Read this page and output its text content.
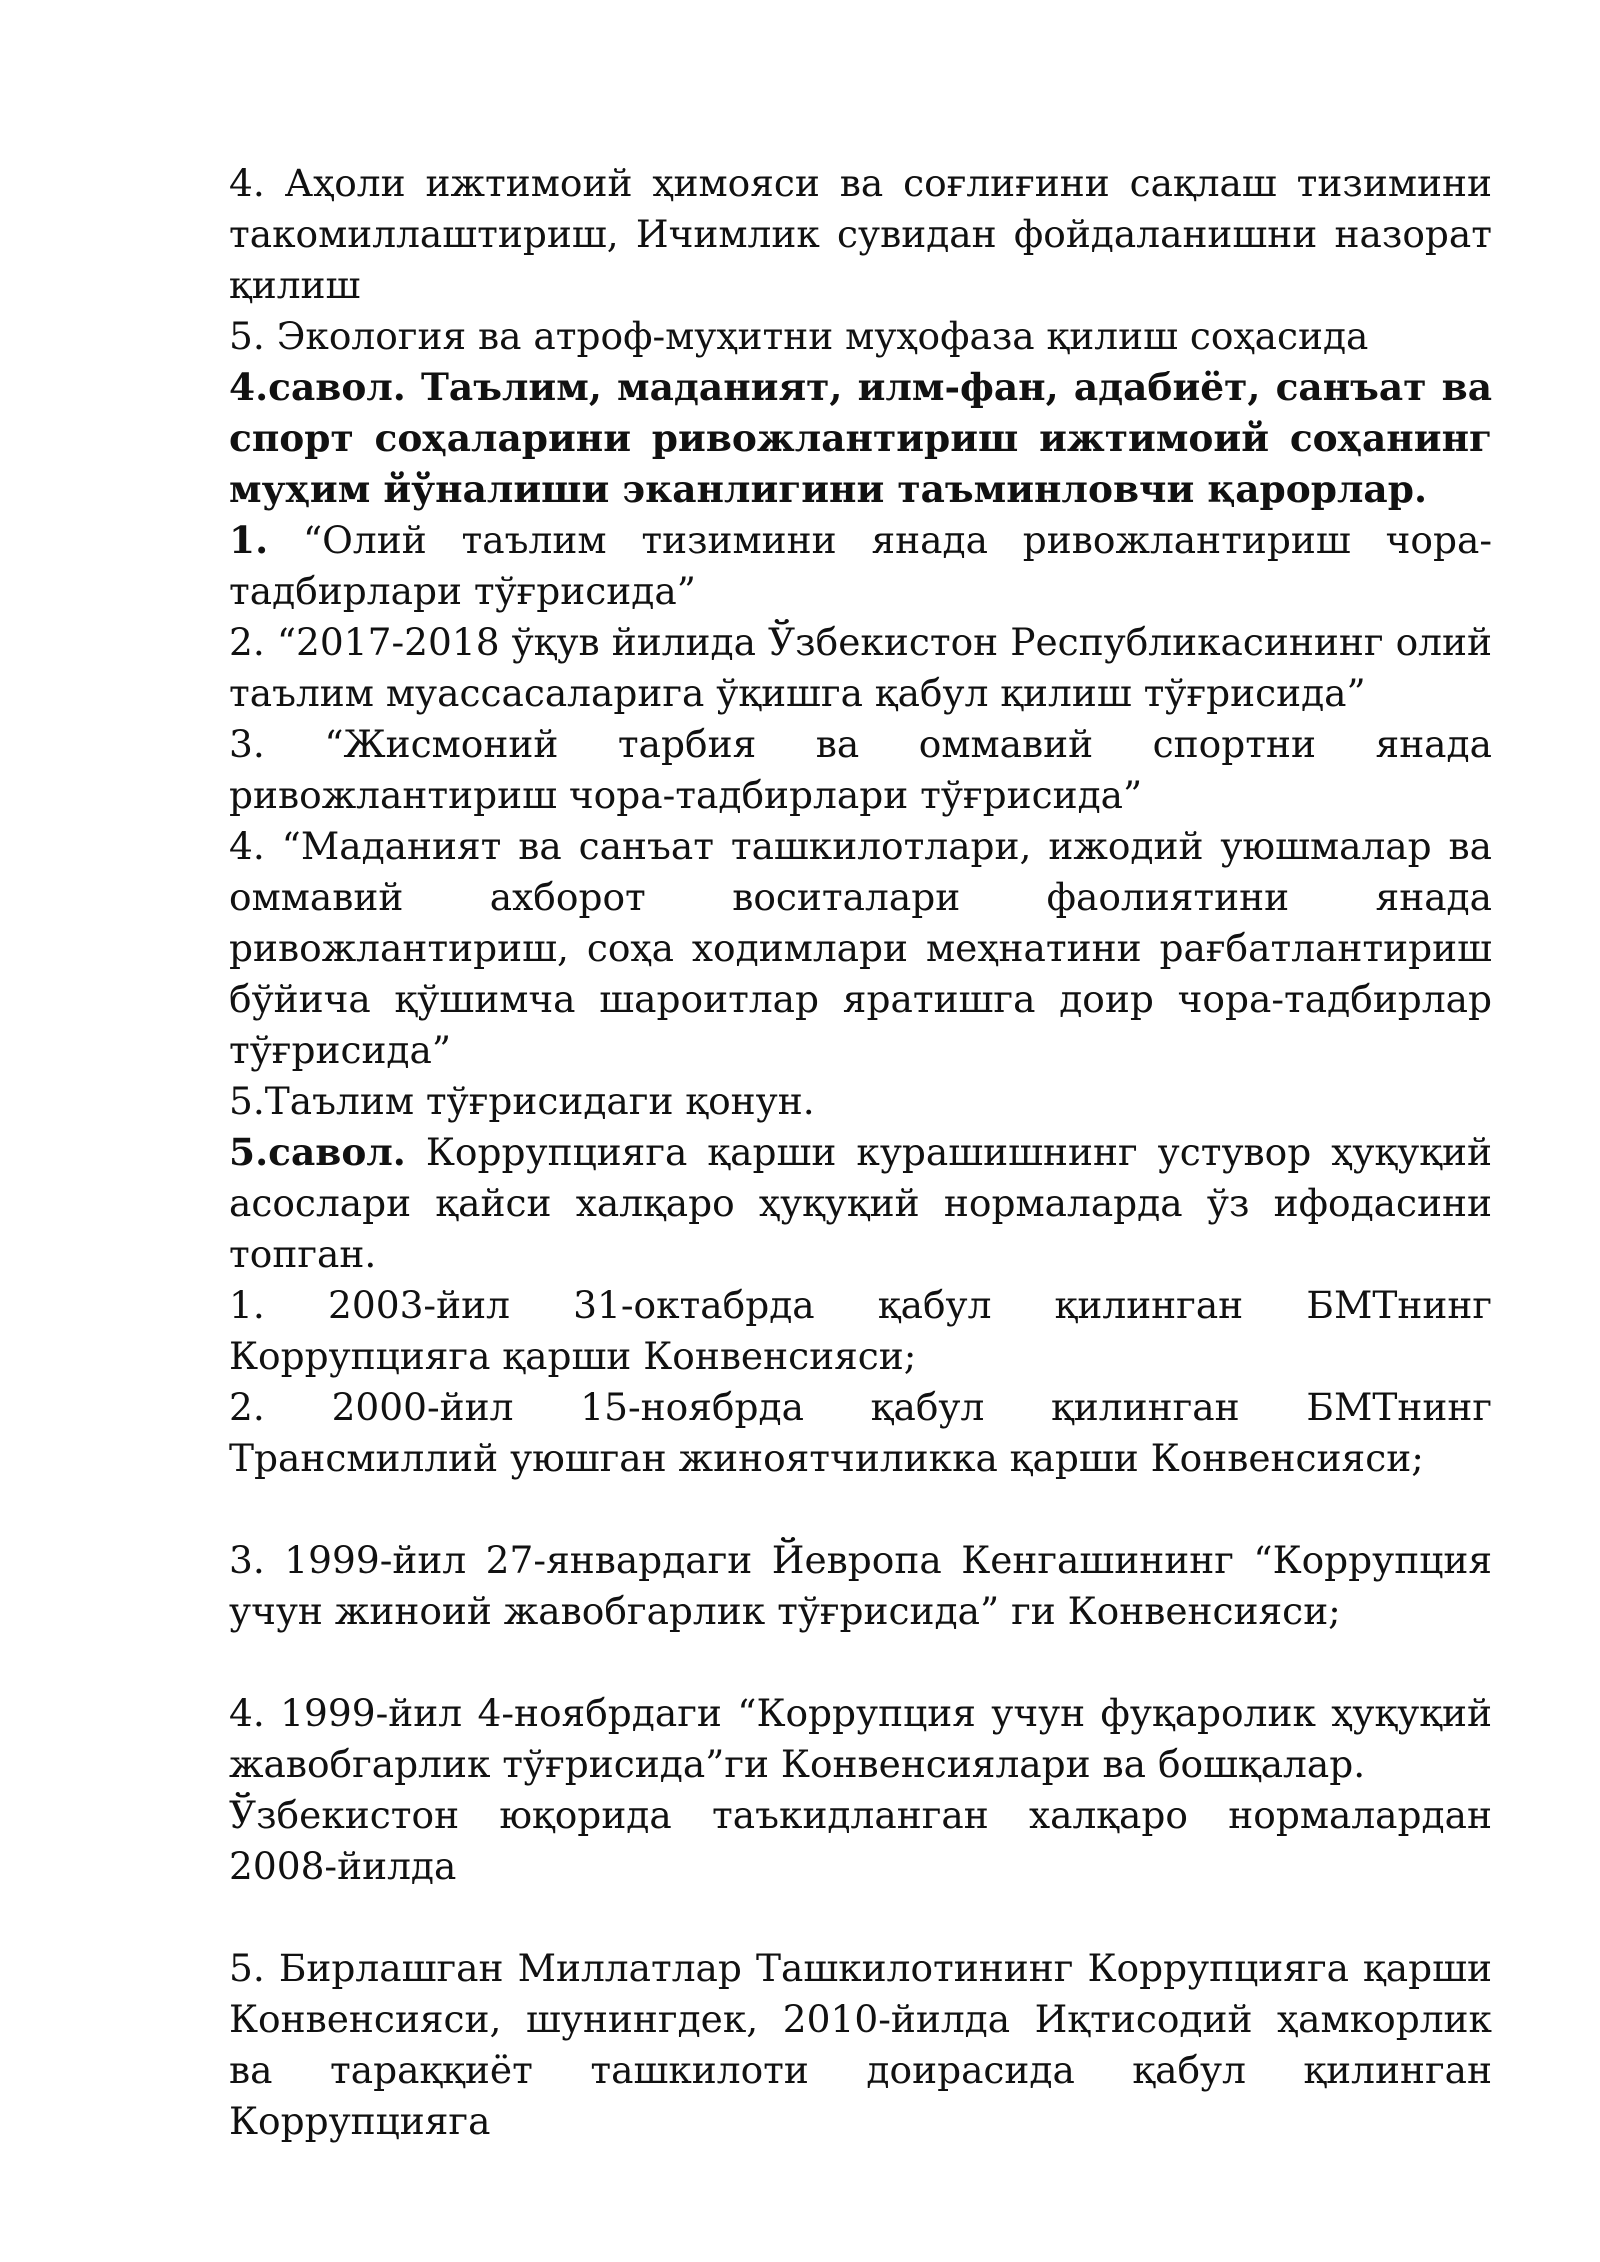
4. Аҳоли ижтимоий ҳимояси ва соғлиғини сақлаш тизимини такомиллаштириш, Ичимлик сувидан фойдаланишни назорат қилиш

5. Экология ва атроф-муҳитни муҳофаза қилиш соҳасида

4.савол. Таълим, маданият, илм-фан, адабиёт, санъат ва спорт соҳаларини ривожлантириш ижтимоий соҳанинг муҳим йўналиши эканлигини таъминловчи қарорлар.

1. “Олий таълим тизимини янада ривожлантириш чора-тадбирлари тўғрисида”

2. “2017-2018 ўқув йилида Ўзбекистон Республикасининг олий таълим муассасаларига ўқишга қабул қилиш тўғрисида”

3. “Жисмоний тарбия ва оммавий спортни янада ривожлантириш чора-тадбирлари тўғрисида”

4. “Маданият ва санъат ташкилотлари, ижодий уюшмалар ва оммавий ахборот воситалари фаолиятини янада ривожлантириш, соҳа ходимлари меҳнатини рағбатлантириш бўйича қўшимча шароитлар яратишга доир чора-тадбирлар тўғрисида”

5.Таълим тўғрисидаги қонун.

5.савол. Коррупцияга қарши курашишнинг устувор ҳуқуқий асослари қайси халқаро ҳуқуқий нормаларда ўз ифодасини топган.

1. 2003-йил 31-октабрда қабул қилинган БМТнинг Коррупцияга қарши Конвенсияси;

2. 2000-йил 15-ноябрда қабул қилинган БМТнинг Трансмиллий уюшган жиноятчиликка қарши Конвенсияси;

3. 1999-йил 27-январдаги Йевропа Кенгашининг “Коррупция учун жиноий жавобгарлик тўғрисида” ги Конвенсияси;

4. 1999-йил 4-ноябрдаги “Коррупция учун фуқаролик ҳуқуқий жавобгарлик тўғрисида”ги Конвенсиялари ва бошқалар.

Ўзбекистон юқорида таъкидланган халқаро нормалардан 2008-йилда

5. Бирлашган Миллатлар Ташкилотининг Коррупцияга қарши Конвенсияси, шунингдек, 2010-йилда Иқтисодий ҳамкорлик ва тараққиёт ташкилоти доирасида қабул қилинган Коррупцияга
